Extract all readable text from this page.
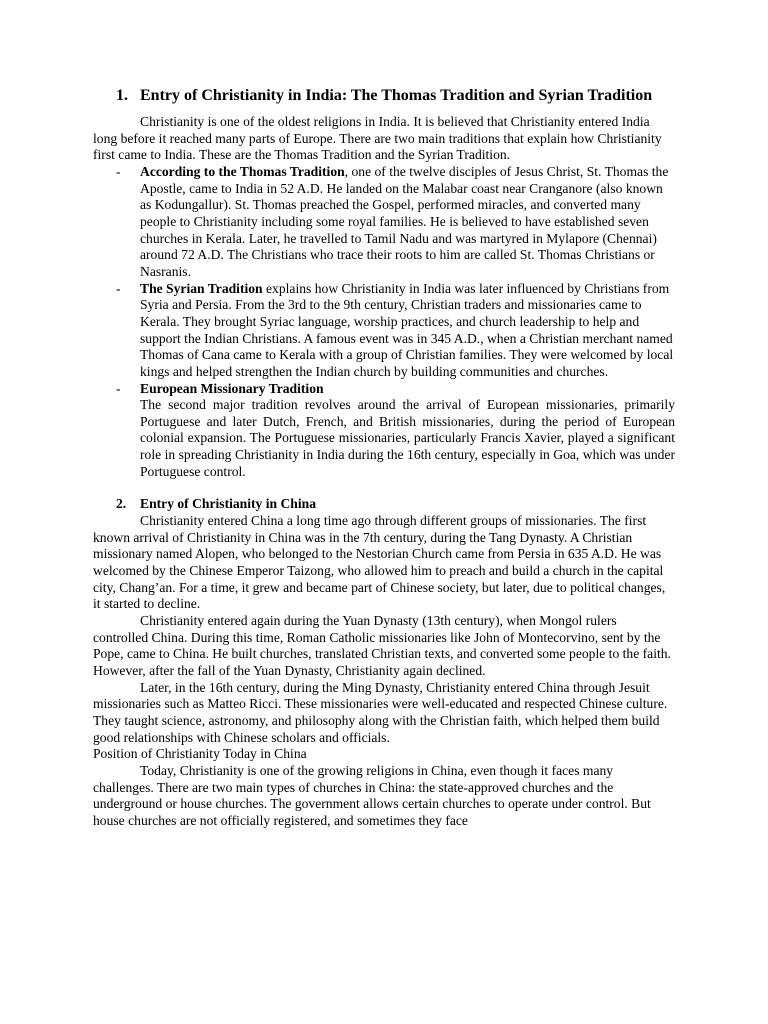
1. Entry of Christianity in India: The Thomas Tradition and Syrian Tradition

Christianity is one of the oldest religions in India. It is believed that Christianity entered India long before it reached many parts of Europe. There are two main traditions that explain how Christianity first came to India. These are the Thomas Tradition and the Syrian Tradition.

- According to the Thomas Tradition, one of the twelve disciples of Jesus Christ, St. Thomas the Apostle, came to India in 52 A.D. He landed on the Malabar coast near Cranganore (also known as Kodungallur). St. Thomas preached the Gospel, performed miracles, and converted many people to Christianity including some royal families. He is believed to have established seven churches in Kerala. Later, he travelled to Tamil Nadu and was martyred in Mylapore (Chennai) around 72 A.D. The Christians who trace their roots to him are called St. Thomas Christians or Nasranis.
- The Syrian Tradition explains how Christianity in India was later influenced by Christians from Syria and Persia. From the 3rd to the 9th century, Christian traders and missionaries came to Kerala. They brought Syriac language, worship practices, and church leadership to help and support the Indian Christians. A famous event was in 345 A.D., when a Christian merchant named Thomas of Cana came to Kerala with a group of Christian families. They were welcomed by local kings and helped strengthen the Indian church by building communities and churches.
- European Missionary Tradition
The second major tradition revolves around the arrival of European missionaries, primarily Portuguese and later Dutch, French, and British missionaries, during the period of European colonial expansion. The Portuguese missionaries, particularly Francis Xavier, played a significant role in spreading Christianity in India during the 16th century, especially in Goa, which was under Portuguese control.
2. Entry of Christianity in China

Christianity entered China a long time ago through different groups of missionaries. The first known arrival of Christianity in China was in the 7th century, during the Tang Dynasty. A Christian missionary named Alopen, who belonged to the Nestorian Church came from Persia in 635 A.D. He was welcomed by the Chinese Emperor Taizong, who allowed him to preach and build a church in the capital city, Chang’an. For a time, it grew and became part of Chinese society, but later, due to political changes, it started to decline.

Christianity entered again during the Yuan Dynasty (13th century), when Mongol rulers controlled China. During this time, Roman Catholic missionaries like John of Montecorvino, sent by the Pope, came to China. He built churches, translated Christian texts, and converted some people to the faith. However, after the fall of the Yuan Dynasty, Christianity again declined.

Later, in the 16th century, during the Ming Dynasty, Christianity entered China through Jesuit missionaries such as Matteo Ricci. These missionaries were well-educated and respected Chinese culture. They taught science, astronomy, and philosophy along with the Christian faith, which helped them build good relationships with Chinese scholars and officials.

Position of Christianity Today in China

Today, Christianity is one of the growing religions in China, even though it faces many challenges. There are two main types of churches in China: the state-approved churches and the underground or house churches. The government allows certain churches to operate under control. But house churches are not officially registered, and sometimes they face
